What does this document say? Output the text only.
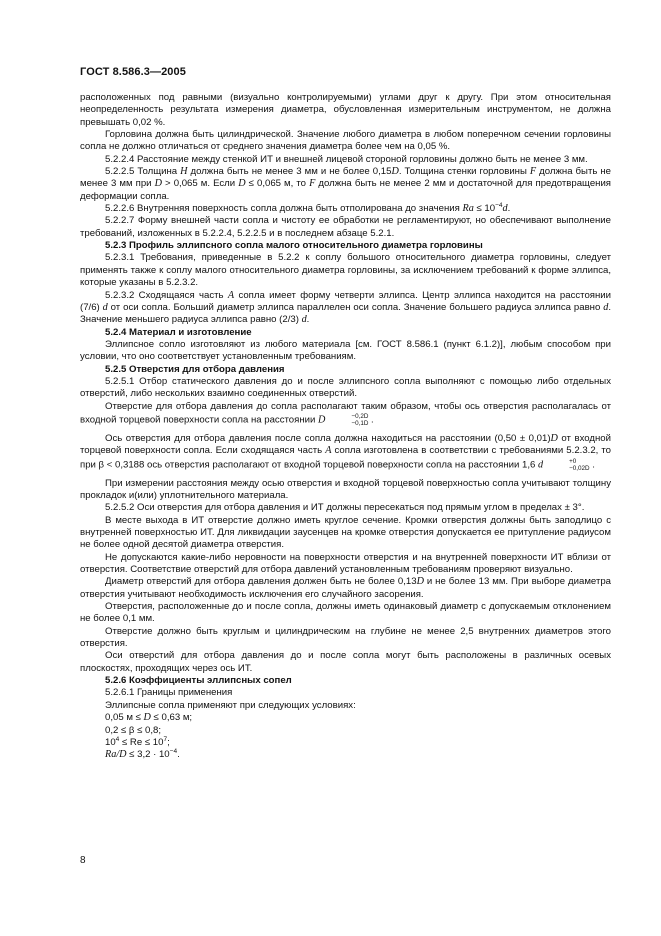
ГОСТ 8.586.3—2005

расположенных под равными (визуально контролируемыми) углами друг к другу. При этом относительная неопределенность результата измерения диаметра, обусловленная измерительным инструментом, не должна превышать 0,02 %.

Горловина должна быть цилиндрической. Значение любого диаметра в любом поперечном сечении горловины сопла не должно отличаться от среднего значения диаметра более чем на 0,05 %.

5.2.2.4 Расстояние между стенкой ИТ и внешней лицевой стороной горловины должно быть не менее 3 мм.

5.2.2.5 Толщина H должна быть не менее 3 мм и не более 0,15D. Толщина стенки горловины F должна быть не менее 3 мм при D > 0,065 м. Если D ≤ 0,065 м, то F должна быть не менее 2 мм и достаточной для предотвращения деформации сопла.

5.2.2.6 Внутренняя поверхность сопла должна быть отполирована до значения $Ra \le 10^{-4}d$.

5.2.2.7 Форму внешней части сопла и чистоту ее обработки не регламентируют, но обеспечивают выполнение требований, изложенных в 5.2.2.4, 5.2.2.5 и в последнем абзаце 5.2.1.

5.2.3 Профиль эллипсного сопла малого относительного диаметра горловины

5.2.3.1 Требования, приведенные в 5.2.2 к соплу большого относительного диаметра горловины, следует применять также к соплу малого относительного диаметра горловины, за исключением требований к форме эллипса, которые указаны в 5.2.3.2.

5.2.3.2 Сходящаяся часть A сопла имеет форму четверти эллипса. Центр эллипса находится на расстоянии (7/6) d от оси сопла. Больший диаметр эллипса параллелен оси сопла. Значение большего радиуса эллипса равно d. Значение меньшего радиуса эллипса равно (2/3) d.

5.2.4 Материал и изготовление

Эллипсное сопло изготовляют из любого материала [см. ГОСТ 8.586.1 (пункт 6.1.2)], любым способом при условии, что оно соответствует установленным требованиям.

5.2.5 Отверстия для отбора давления

5.2.5.1 Отбор статического давления до и после эллипсного сопла выполняют с помощью либо отдельных отверстий, либо нескольких взаимно соединенных отверстий.

Отверстие для отбора давления до сопла располагают таким образом, чтобы ось отверстия располагалась от входной торцевой поверхности сопла на расстоянии D	−0,2D
−0,1D .

Ось отверстия для отбора давления после сопла должна находиться на расстоянии (0,50 ± 0,01)D от входной торцевой поверхности сопла. Если сходящаяся часть A сопла изготовлена в соответствии с требованиями 5.2.3.2, то при β < 0,3188 ось отверстия располагают от входной торцевой поверхности сопла на расстоянии 1,6 d	+0
−0,02D .

При измерении расстояния между осью отверстия и входной торцевой поверхностью сопла учитывают толщину прокладок и(или) уплотнительного материала.

5.2.5.2 Оси отверстия для отбора давления и ИТ должны пересекаться под прямым углом в пределах ± 3°.

В месте выхода в ИТ отверстие должно иметь круглое сечение. Кромки отверстия должны быть заподлицо с внутренней поверхностью ИТ. Для ликвидации заусенцев на кромке отверстия допускается ее притупление радиусом не более одной десятой диаметра отверстия.

Не допускаются какие-либо неровности на поверхности отверстия и на внутренней поверхности ИТ вблизи от отверстия. Соответствие отверстий для отбора давлений установленным требованиям проверяют визуально.

Диаметр отверстий для отбора давления должен быть не более 0,13D и не более 13 мм. При выборе диаметра отверстия учитывают необходимость исключения его случайного засорения.

Отверстия, расположенные до и после сопла, должны иметь одинаковый диаметр с допускаемым отклонением не более 0,1 мм.

Отверстие должно быть круглым и цилиндрическим на глубине не менее 2,5 внутренних диаметров этого отверстия.

Оси отверстий для отбора давления до и после сопла могут быть расположены в различных осевых плоскостях, проходящих через ось ИТ.

5.2.6 Коэффициенты эллипсных сопел

5.2.6.1 Границы применения

Эллипсные сопла применяют при следующих условиях:

0,05 м ≤ D ≤ 0,63 м;
0,2 ≤ β ≤ 0,8;
$10^4 \le Re \le 10^7$;
$Ra/D \le 3,2 \cdot 10^{-4}$.
8
